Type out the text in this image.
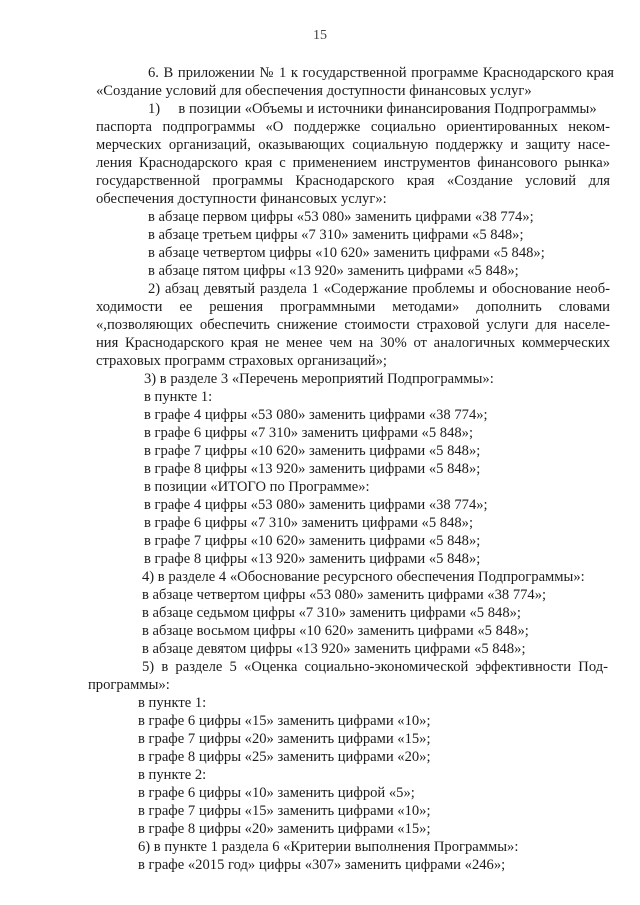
15
6. В приложении № 1 к государственной программе Краснодарского края
«Создание условий для обеспечения доступности финансовых услуг»
1)     в позиции «Объемы и источники финансирования Подпрограммы»
паспорта подпрограммы «О поддержке социально ориентированных неком-
мерческих организаций, оказывающих социальную поддержку и защиту насе-
ления Краснодарского края с применением инструментов финансового рынка»
государственной программы Краснодарского края «Создание условий для
обеспечения доступности финансовых услуг»:
в абзаце первом цифры «53 080» заменить цифрами «38 774»;
в абзаце третьем цифры «7 310» заменить цифрами «5 848»;
в абзаце четвертом цифры «10 620» заменить цифрами «5 848»;
в абзаце пятом цифры «13 920» заменить цифрами «5 848»;
2) абзац девятый раздела 1 «Содержание проблемы и обоснование необ-
ходимости ее решения программными методами» дополнить словами
«,позволяющих обеспечить снижение стоимости страховой услуги для населе-
ния Краснодарского края не менее чем на 30% от аналогичных коммерческих
страховых программ страховых организаций»;
3) в разделе 3 «Перечень мероприятий Подпрограммы»:
в пункте 1:
в графе 4 цифры «53 080» заменить цифрами «38 774»;
в графе 6 цифры «7 310» заменить цифрами «5 848»;
в графе 7 цифры «10 620» заменить цифрами «5 848»;
в графе 8 цифры «13 920» заменить цифрами «5 848»;
в позиции «ИТОГО по Программе»:
в графе 4 цифры «53 080» заменить цифрами «38 774»;
в графе 6 цифры «7 310» заменить цифрами «5 848»;
в графе 7 цифры «10 620» заменить цифрами «5 848»;
в графе 8 цифры «13 920» заменить цифрами «5 848»;
4) в разделе 4 «Обоснование ресурсного обеспечения Подпрограммы»:
в абзаце четвертом цифры «53 080» заменить цифрами «38 774»;
в абзаце седьмом цифры «7 310» заменить цифрами «5 848»;
в абзаце восьмом цифры «10 620» заменить цифрами «5 848»;
в абзаце девятом цифры «13 920» заменить цифрами «5 848»;
5) в разделе 5 «Оценка социально-экономической эффективности Под-
программы»:
в пункте 1:
в графе 6 цифры «15» заменить цифрами «10»;
в графе 7 цифры «20» заменить цифрами «15»;
в графе 8 цифры «25» заменить цифрами «20»;
в пункте 2:
в графе 6 цифры «10» заменить цифрой «5»;
в графе 7 цифры «15» заменить цифрами «10»;
в графе 8 цифры «20» заменить цифрами «15»;
6) в пункте 1 раздела 6 «Критерии выполнения Программы»:
в графе «2015 год» цифры «307» заменить цифрами «246»;
